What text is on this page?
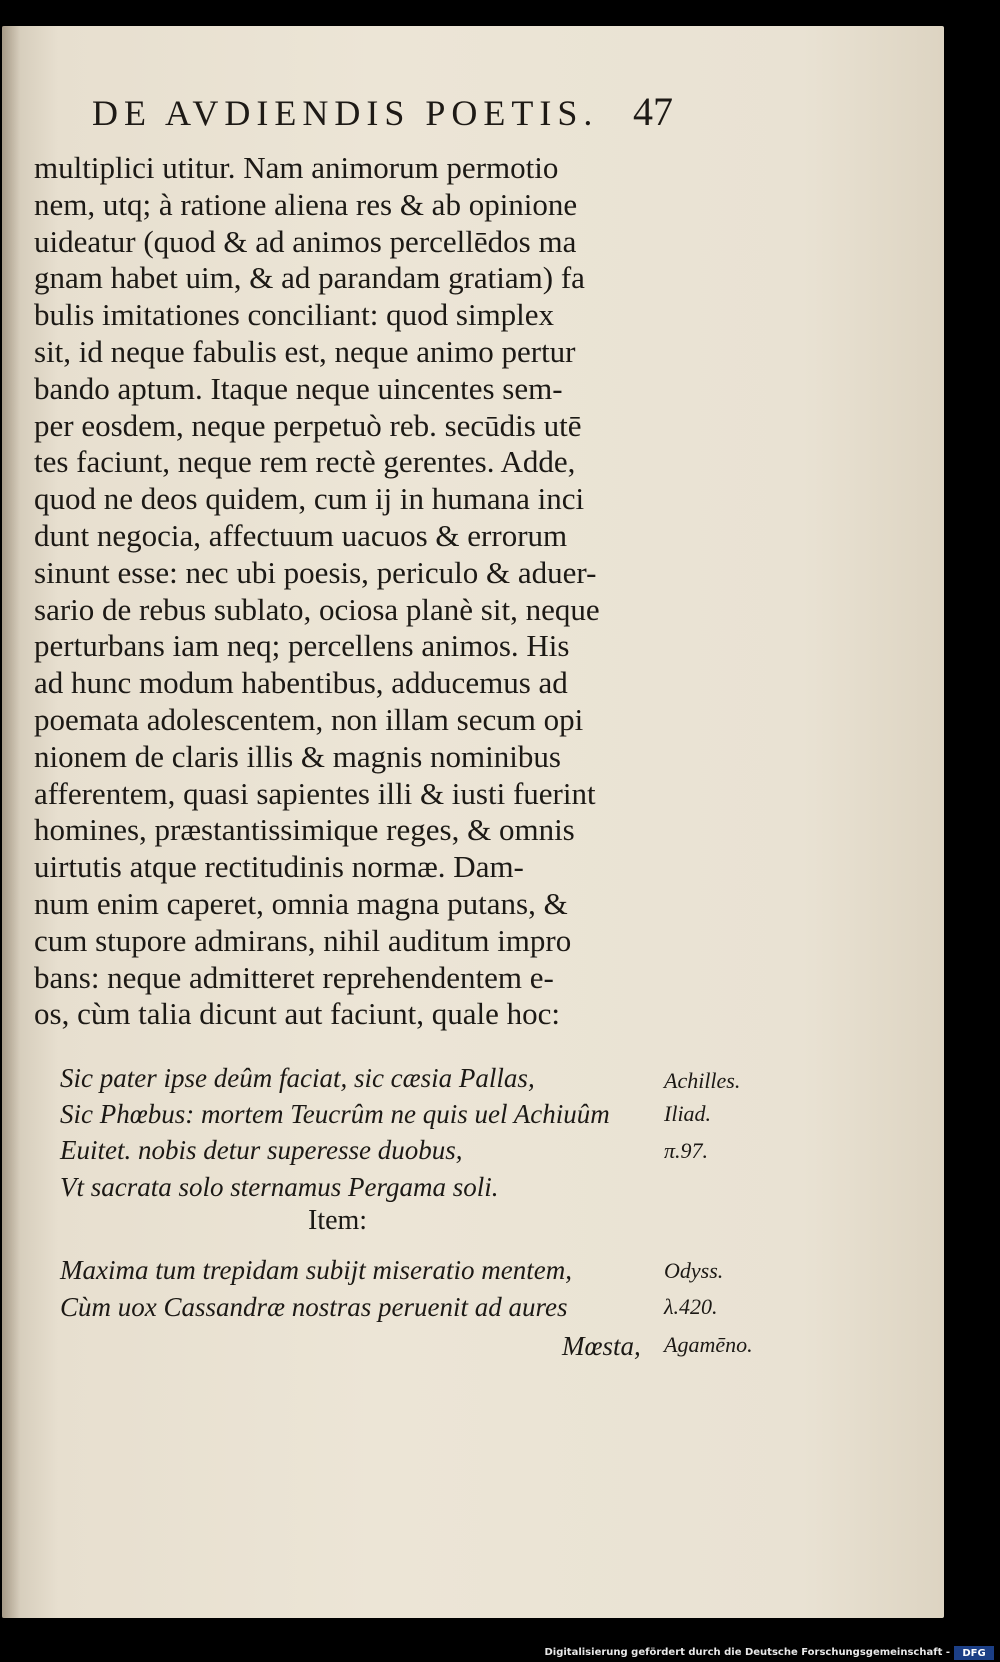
DE AVDIENDIS POETIS. 47
multiplici utitur. Nam animorum permotio
nem, utq; à ratione aliena res & ab opinione
uideatur (quod & ad animos percellēdos ma
gnam habet uim, & ad parandam gratiam) fa
bulis imitationes conciliant: quod simplex
sit, id neque fabulis est, neque animo pertur
bando aptum. Itaque neque uincentes sem-
per eosdem, neque perpetuò reb. secūdis utē
tes faciunt, neque rem rectè gerentes. Adde,
quod ne deos quidem, cum ij in humana inci
dunt negocia, affectuum uacuos & errorum
sinunt esse: nec ubi poesis, periculo & aduer-
sario de rebus sublato, ociosa planè sit, neque
perturbans iam neq; percellens animos. His
ad hunc modum habentibus, adducemus ad
poemata adolescentem, non illam secum opi
nionem de claris illis & magnis nominibus
afferentem, quasi sapientes illi & iusti fuerint
homines, præstantissimique reges, & omnis
uirtutis atque rectitudinis normæ. Dam-
num enim caperet, omnia magna putans, &
cum stupore admirans, nihil auditum impro
bans: neque admitteret reprehendentem e-
os, cùm talia dicunt aut faciunt, quale hoc:
Sic pater ipse deûm faciat, sic cæsia Pallas,
Sic Phœbus: mortem Teucrûm ne quis uel Achiuûm
Euitet. nobis detur superesse duobus,
Vt sacrata solo sternamus Pergama soli.
Item:
Maxima tum trepidam subijt miseratio mentem,
Cùm uox Cassandræ nostras peruenit ad aures
Mœsta,
Achilles.
Iliad.
π.97.
Odyss.
λ.420.
Agamēno.
Digitalisierung gefördert durch die Deutsche Forschungsgemeinschaft -	DFG
